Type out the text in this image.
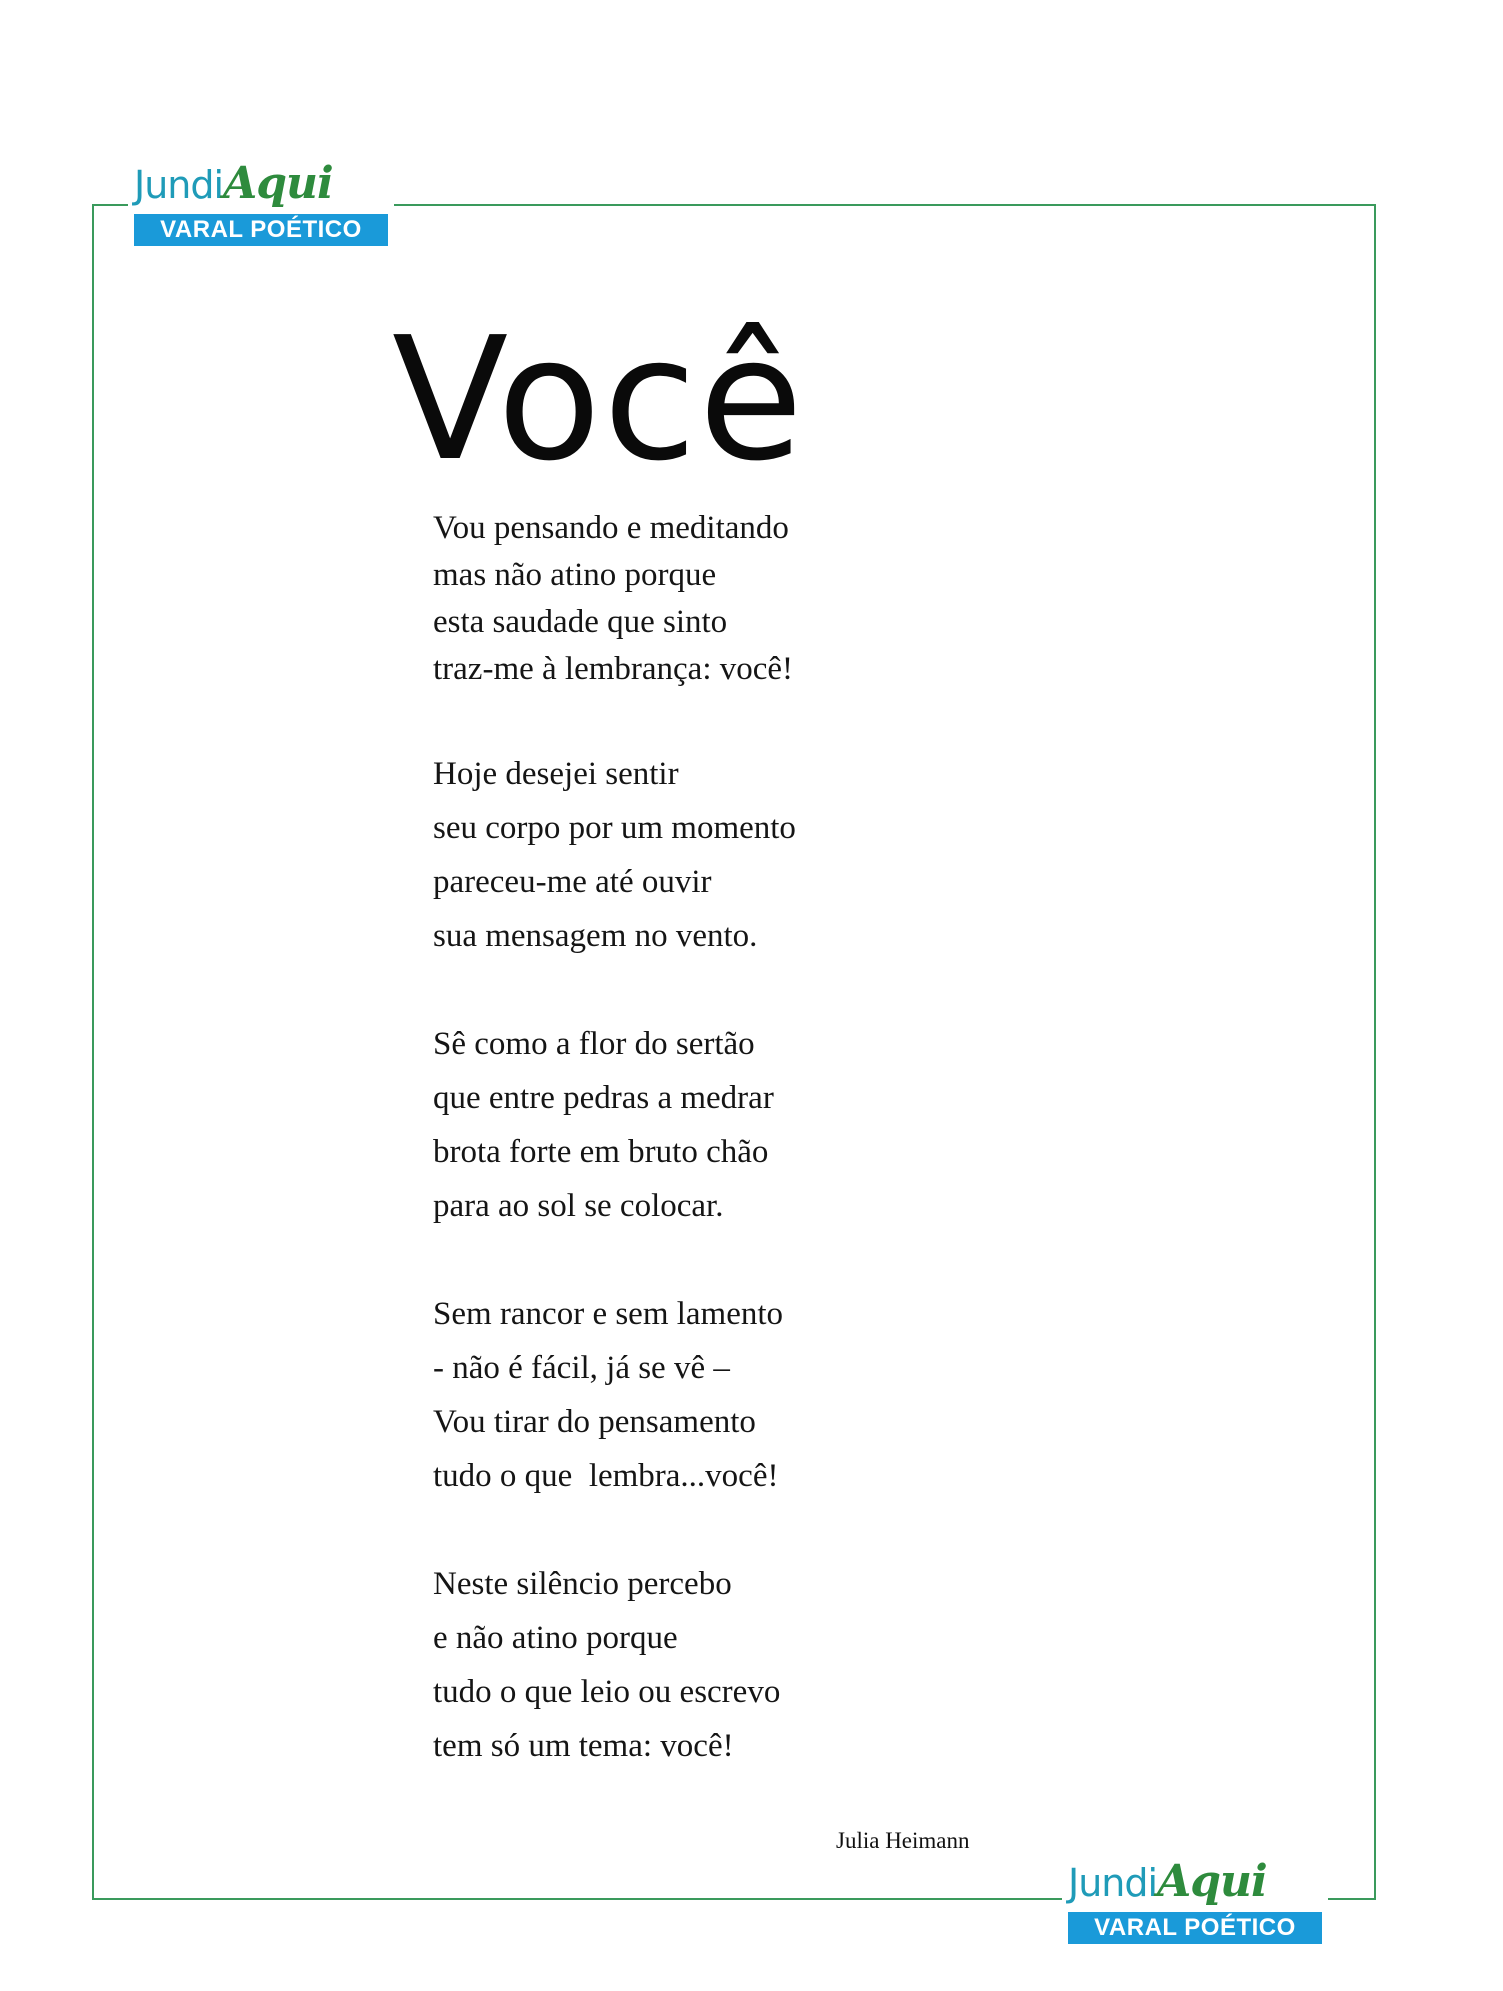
JundiAqui
VARAL POÉTICO
Você
Vou pensando e meditando
mas não atino porque
esta saudade que sinto
traz-me à lembrança: você!
Hoje desejei sentir
seu corpo por um momento
pareceu-me até ouvir
sua mensagem no vento.
Sê como a flor do sertão
que entre pedras a medrar
brota forte em bruto chão
para ao sol se colocar.
Sem rancor e sem lamento
- não é fácil, já se vê –
Vou tirar do pensamento
tudo o que  lembra...você!
Neste silêncio percebo
e não atino porque
tudo o que leio ou escrevo
tem só um tema: você!
Julia Heimann
JundiAqui
VARAL POÉTICO
